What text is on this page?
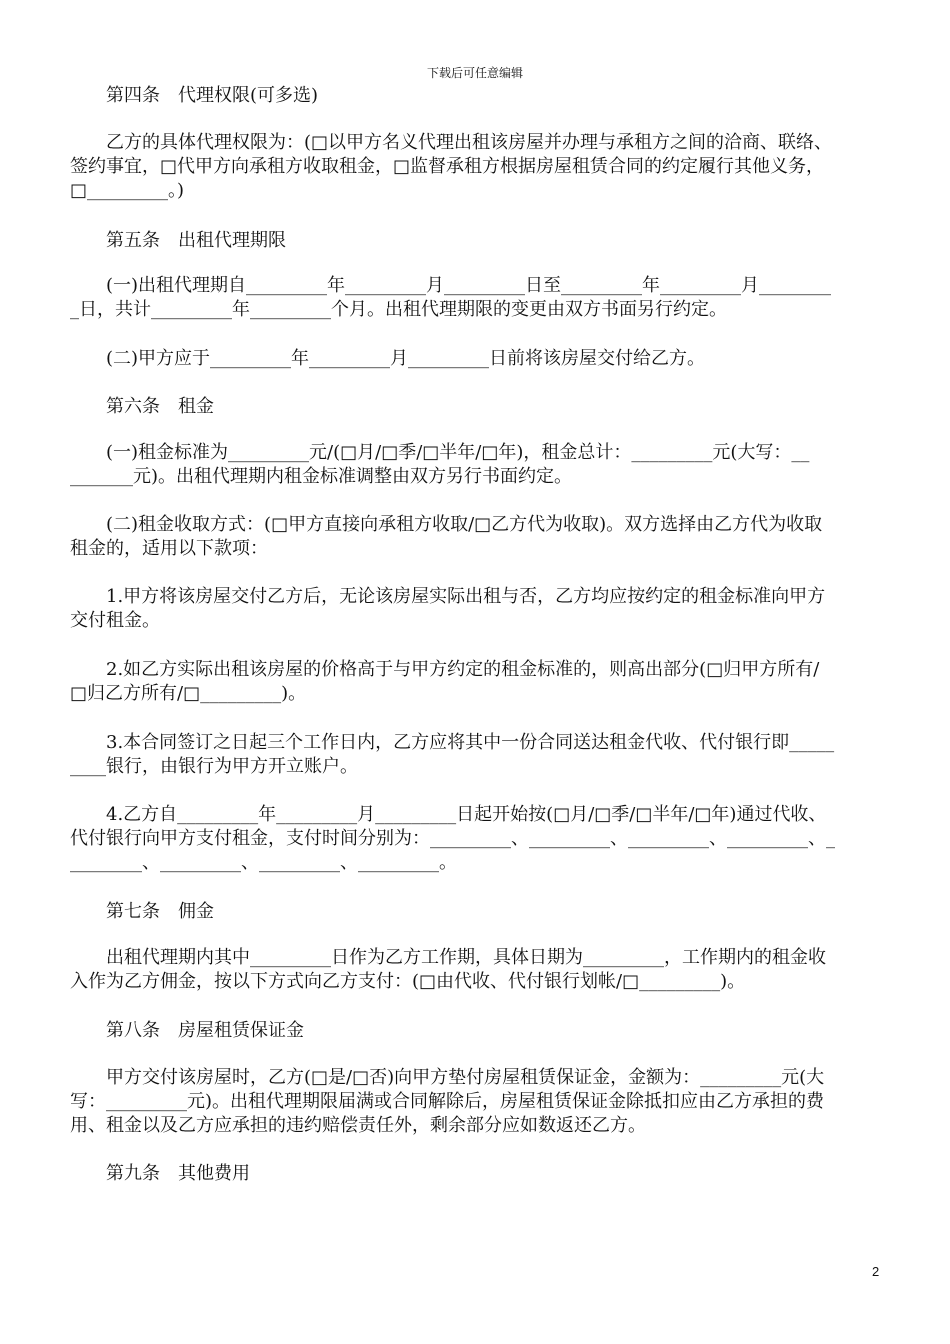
下载后可任意编辑
第四条　代理权限(可多选)
乙方的具体代理权限为：(□以甲方名义代理出租该房屋并办理与承租方之间的洽商、联络、
签约事宜，□代甲方向承租方收取租金，□监督承租方根据房屋租赁合同的约定履行其他义务，
□_________。)
第五条　出租代理期限
(一)出租代理期自_________年_________月_________日至_________年_________月________
_日，共计_________年_________个月。出租代理期限的变更由双方书面另行约定。
(二)甲方应于_________年_________月_________日前将该房屋交付给乙方。
第六条　租金
(一)租金标准为_________元/(□月/□季/□半年/□年)，租金总计：_________元(大写：__
_______元)。出租代理期内租金标准调整由双方另行书面约定。
(二)租金收取方式：(□甲方直接向承租方收取/□乙方代为收取)。双方选择由乙方代为收取
租金的，适用以下款项：
1.甲方将该房屋交付乙方后，无论该房屋实际出租与否，乙方均应按约定的租金标准向甲方
交付租金。
2.如乙方实际出租该房屋的价格高于与甲方约定的租金标准的，则高出部分(□归甲方所有/
□归乙方所有/□_________)。
3.本合同签订之日起三个工作日内，乙方应将其中一份合同送达租金代收、代付银行即_____
____银行，由银行为甲方开立账户。
4.乙方自_________年_________月_________日起开始按(□月/□季/□半年/□年)通过代收、
代付银行向甲方支付租金，支付时间分别为：_________、_________、_________、_________、_
________、_________、_________、_________。
第七条　佣金
出租代理期内其中_________日作为乙方工作期，具体日期为_________，工作期内的租金收
入作为乙方佣金，按以下方式向乙方支付：(□由代收、代付银行划帐/□_________)。
第八条　房屋租赁保证金
甲方交付该房屋时，乙方(□是/□否)向甲方垫付房屋租赁保证金，金额为：_________元(大
写：_________元)。出租代理期限届满或合同解除后，房屋租赁保证金除抵扣应由乙方承担的费
用、租金以及乙方应承担的违约赔偿责任外，剩余部分应如数返还乙方。
第九条　其他费用
2
